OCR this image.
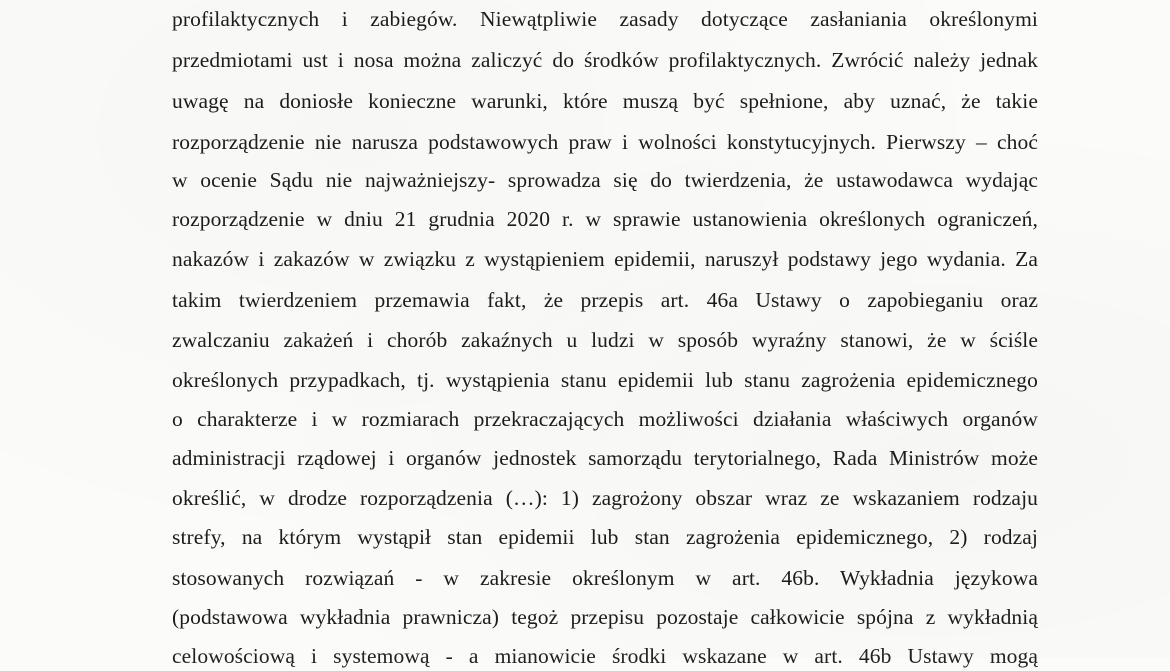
profilaktycznych i zabiegów. Niewątpliwie zasady dotyczące zasłaniania określonymi
przedmiotami ust i nosa można zaliczyć do środków profilaktycznych. Zwrócić należy jednak
uwagę na doniosłe konieczne warunki, które muszą być spełnione, aby uznać, że takie
rozporządzenie nie narusza podstawowych praw i wolności konstytucyjnych. Pierwszy – choć
w ocenie Sądu nie najważniejszy- sprowadza się do twierdzenia, że ustawodawca wydając
rozporządzenie w dniu 21 grudnia 2020 r. w sprawie ustanowienia określonych ograniczeń,
nakazów i zakazów w związku z wystąpieniem epidemii, naruszył podstawy jego wydania. Za
takim twierdzeniem przemawia fakt, że przepis art. 46a Ustawy o zapobieganiu oraz
zwalczaniu zakażeń i chorób zakaźnych u ludzi w sposób wyraźny stanowi, że w ściśle
określonych przypadkach, tj. wystąpienia stanu epidemii lub stanu zagrożenia epidemicznego
o charakterze i w rozmiarach przekraczających możliwości działania właściwych organów
administracji rządowej i organów jednostek samorządu terytorialnego, Rada Ministrów może
określić, w drodze rozporządzenia (…): 1) zagrożony obszar wraz ze wskazaniem rodzaju
strefy, na którym wystąpił stan epidemii lub stan zagrożenia epidemicznego, 2) rodzaj
stosowanych rozwiązań - w zakresie określonym w art. 46b. Wykładnia językowa
(podstawowa wykładnia prawnicza) tegoż przepisu pozostaje całkowicie spójna z wykładnią
celowościową i systemową - a mianowicie środki wskazane w art. 46b Ustawy mogą
